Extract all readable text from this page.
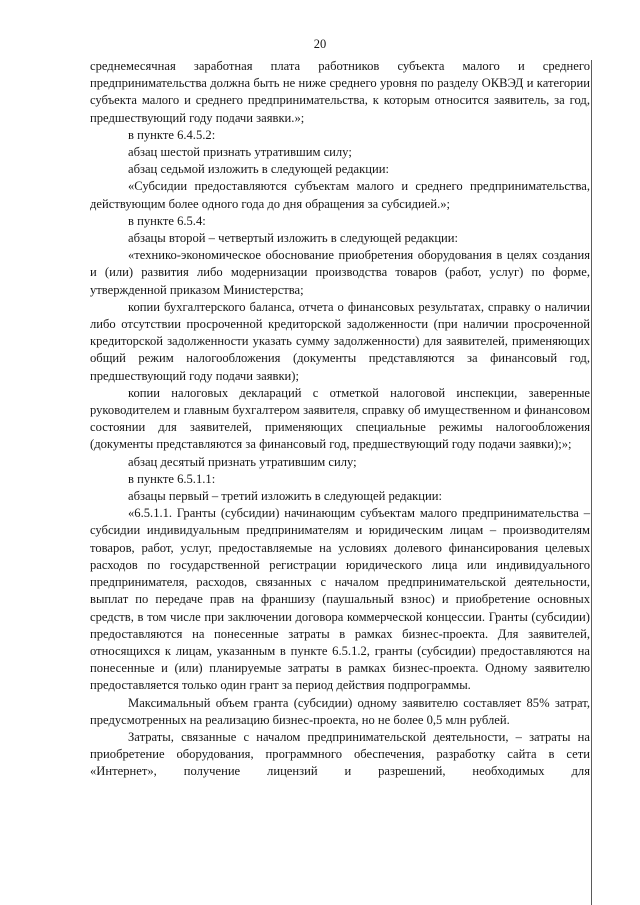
20

среднемесячная заработная плата работников субъекта малого и среднего предпринимательства должна быть не ниже среднего уровня по разделу ОКВЭД и категории субъекта малого и среднего предпринимательства, к которым относится заявитель, за год, предшествующий году подачи заявки.»;

в пункте 6.4.5.2:

абзац шестой признать утратившим силу;

абзац седьмой изложить в следующей редакции:

«Субсидии предоставляются субъектам малого и среднего предпринимательства, действующим более одного года до дня обращения за субсидией.»;

в пункте 6.5.4:

абзацы второй – четвертый изложить в следующей редакции:

«технико-экономическое обоснование приобретения оборудования в целях создания и (или) развития либо модернизации производства товаров (работ, услуг) по форме, утвержденной приказом Министерства;

копии бухгалтерского баланса, отчета о финансовых результатах, справку о наличии либо отсутствии просроченной кредиторской задолженности (при наличии просроченной кредиторской задолженности указать сумму задолженности) для заявителей, применяющих общий режим налогообложения (документы представляются за финансовый год, предшествующий году подачи заявки);

копии налоговых деклараций с отметкой налоговой инспекции, заверенные руководителем и главным бухгалтером заявителя, справку об имущественном и финансовом состоянии для заявителей, применяющих специальные режимы налогообложения (документы представляются за финансовый год, предшествующий году подачи заявки);»;

абзац десятый признать утратившим силу;

в пункте 6.5.1.1:

абзацы первый – третий изложить в следующей редакции:

«6.5.1.1. Гранты (субсидии) начинающим субъектам малого предпринимательства – субсидии индивидуальным предпринимателям и юридическим лицам – производителям товаров, работ, услуг, предоставляемые на условиях долевого финансирования целевых расходов по государственной регистрации юридического лица или индивидуального предпринимателя, расходов, связанных с началом предпринимательской деятельности, выплат по передаче прав на франшизу (паушальный взнос) и приобретение основных средств, в том числе при заключении договора коммерческой концессии. Гранты (субсидии) предоставляются на понесенные затраты в рамках бизнес-проекта. Для заявителей, относящихся к лицам, указанным в пункте 6.5.1.2, гранты (субсидии) предоставляются на понесенные и (или) планируемые затраты в рамках бизнес-проекта. Одному заявителю предоставляется только один грант за период действия подпрограммы.

Максимальный объем гранта (субсидии) одному заявителю составляет 85% затрат, предусмотренных на реализацию бизнес-проекта, но не более 0,5 млн рублей.

Затраты, связанные с началом предпринимательской деятельности, – затраты на приобретение оборудования, программного обеспечения, разработку сайта в сети «Интернет», получение лицензий и разрешений, необходимых для
